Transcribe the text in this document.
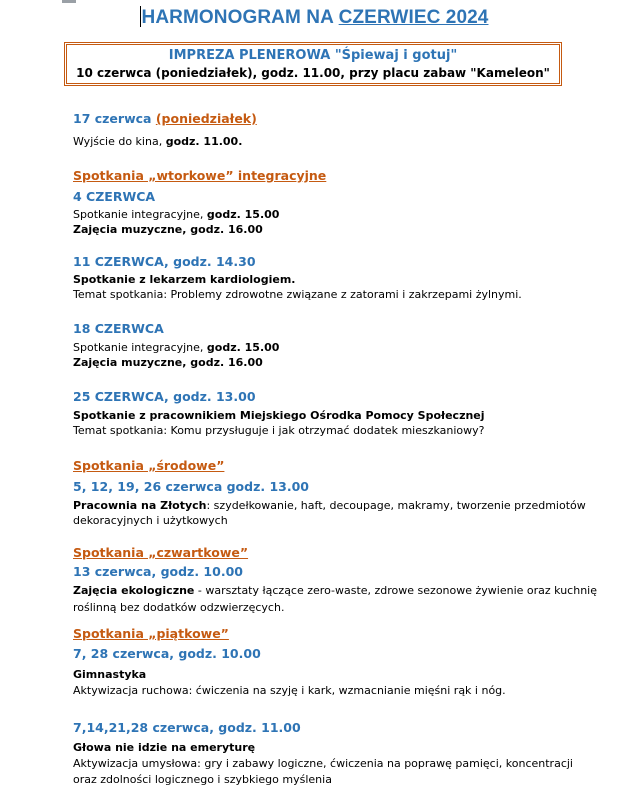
HARMONOGRAM NA CZERWIEC 2024
IMPREZA PLENEROWA "Śpiewaj i gotuj"
10 czerwca (poniedziałek), godz. 11.00, przy placu zabaw "Kameleon"
17 czerwca (poniedziałek)
Wyjście do kina, godz. 11.00.
Spotkania „wtorkowe” integracyjne
4 CZERWCA
Spotkanie integracyjne, godz. 15.00
Zajęcia muzyczne, godz. 16.00
11 CZERWCA, godz. 14.30
Spotkanie z lekarzem kardiologiem.
Temat spotkania: Problemy zdrowotne związane z zatorami i zakrzepami żylnymi.
18 CZERWCA
Spotkanie integracyjne, godz. 15.00
Zajęcia muzyczne, godz. 16.00
25 CZERWCA, godz. 13.00
Spotkanie z pracownikiem Miejskiego Ośrodka Pomocy Społecznej
Temat spotkania: Komu przysługuje i jak otrzymać dodatek mieszkaniowy?
Spotkania „środowe”
5, 12, 19, 26 czerwca godz. 13.00
Pracownia na Złotych: szydełkowanie, haft, decoupage, makramy, tworzenie przedmiotów
dekoracyjnych i użytkowych
Spotkania „czwartkowe”
13 czerwca, godz. 10.00
Zajęcia ekologiczne - warsztaty łączące zero-waste, zdrowe sezonowe żywienie oraz kuchnię
roślinną bez dodatków odzwierzęcych.
Spotkania „piątkowe”
7, 28 czerwca, godz. 10.00
Gimnastyka
Aktywizacja ruchowa: ćwiczenia na szyję i kark, wzmacnianie mięśni rąk i nóg.
7,14,21,28 czerwca, godz. 11.00
Głowa nie idzie na emeryturę
Aktywizacja umysłowa: gry i zabawy logiczne, ćwiczenia na poprawę pamięci, koncentracji
oraz zdolności logicznego i szybkiego myślenia
